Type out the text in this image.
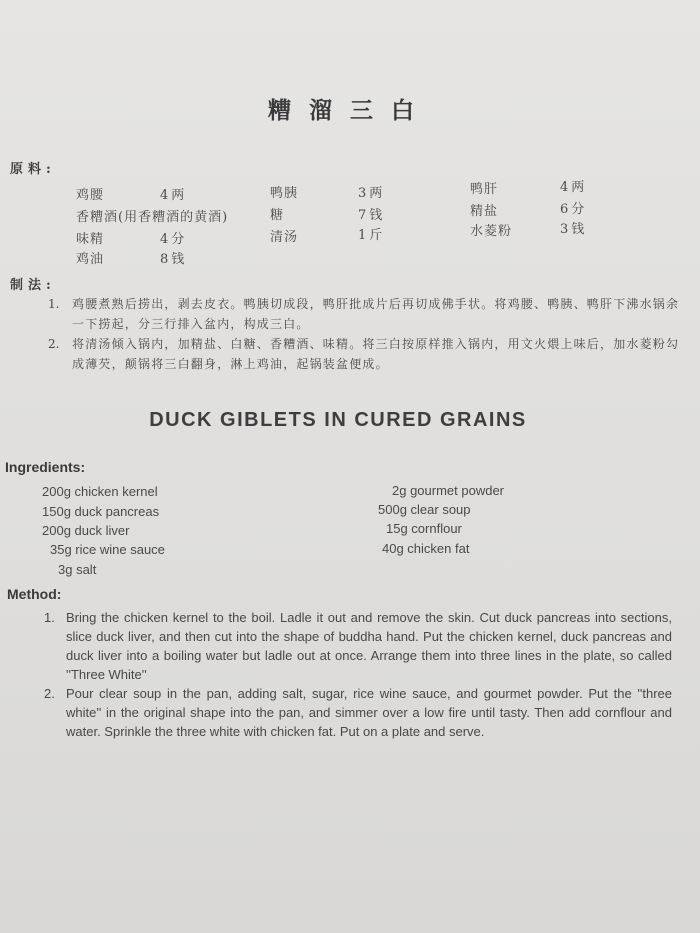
糟溜三白
原料:
鸡腰	4两	鸭胰	3两	鸭肝	4两
香糟酒(用香糟酒的黄酒)	糖	7钱	精盐	6分
味精	4分	清汤	1斤	水菱粉	3钱
鸡油	8钱
制法:
1.	鸡腰煮熟后捞出，剥去皮衣。鸭胰切成段，鸭肝批成片后再切成佛手状。将鸡腰、鸭胰、鸭肝下沸水锅余一下捞起，分三行排入盆内，构成三白。
2.	将清汤倾入锅内，加精盐、白糖、香糟酒、味精。将三白按原样推入锅内，用文火煨上味后，加水菱粉勾成薄芡，颠锅将三白翻身，淋上鸡油，起锅装盆便成。
DUCK GIBLETS IN CURED GRAINS
Ingredients:
200g chicken kernel
150g duck pancreas
200g duck liver
35g rice wine sauce
3g salt
2g gourmet powder
500g clear soup
15g cornflour
40g chicken fat
Method:
1. Bring the chicken kernel to the boil. Ladle it out and remove the skin. Cut duck pancreas into sections, slice duck liver, and then cut into the shape of buddha hand. Put the chicken kernel, duck pancreas and duck liver into a boiling water but ladle out at once. Arrange them into three lines in the plate, so called ''Three White''
2. Pour clear soup in the pan, adding salt, sugar, rice wine sauce, and gourmet powder. Put the ''three white'' in the original shape into the pan, and simmer over a low fire until tasty. Then add cornflour and water. Sprinkle the three white with chicken fat. Put on a plate and serve.
